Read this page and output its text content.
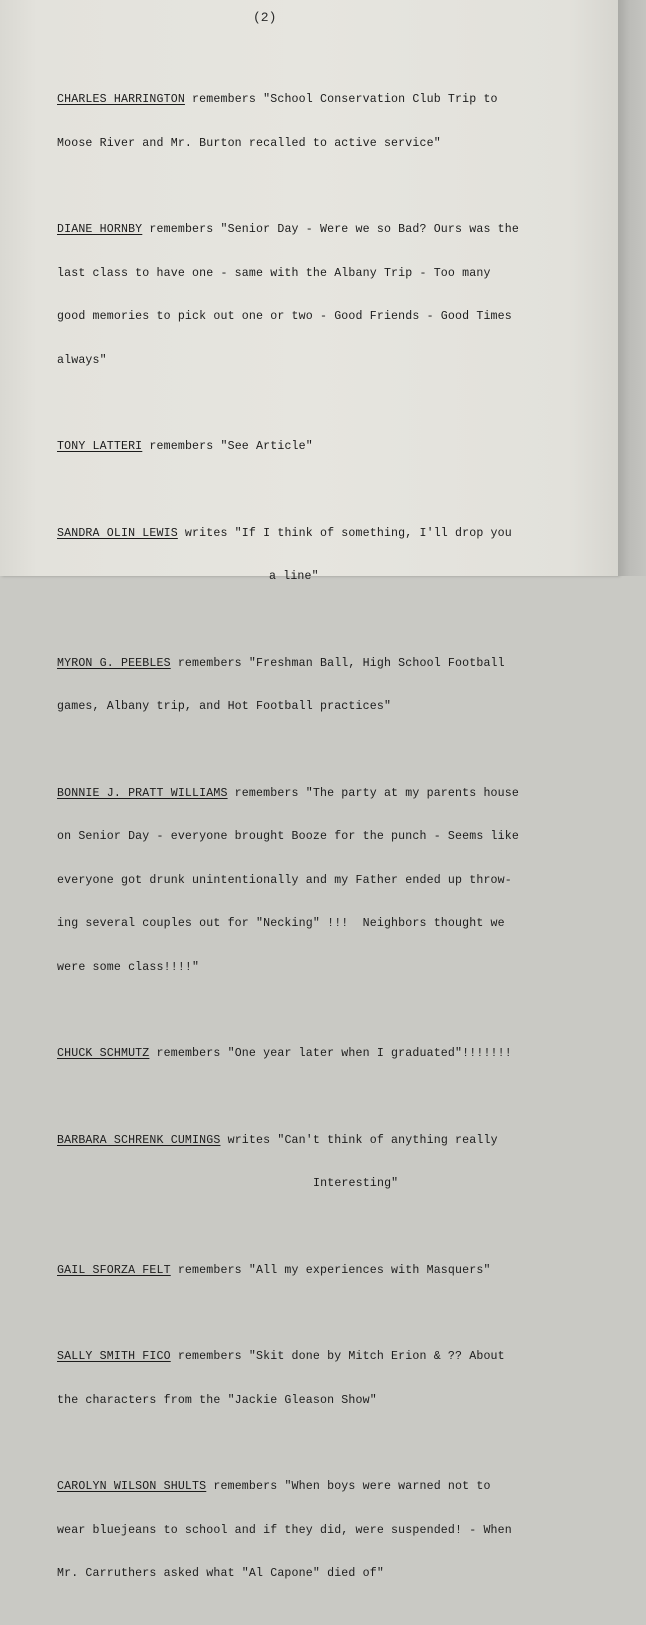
(2)

CHARLES HARRINGTON remembers "School Conservation Club Trip to

Moose River and Mr. Burton recalled to active service"

DIANE HORNBY remembers "Senior Day - Were we so Bad? Ours was the

last class to have one - same with the Albany Trip - Too many

good memories to pick out one or two - Good Friends - Good Times

always"

TONY LATTERI remembers "See Article"

SANDRA OLIN LEWIS writes "If I think of something, I'll drop you

a line"

MYRON G. PEEBLES remembers "Freshman Ball, High School Football

games, Albany trip, and Hot Football practices"

BONNIE J. PRATT WILLIAMS remembers "The party at my parents house

on Senior Day - everyone brought Booze for the punch - Seems like

everyone got drunk unintentionally and my Father ended up throw-

ing several couples out for "Necking" !!!  Neighbors thought we

were some class!!!!"

CHUCK SCHMUTZ remembers "One year later when I graduated"!!!!!!!

BARBARA SCHRENK CUMINGS writes "Can't think of anything really

Interesting"

GAIL SFORZA FELT remembers "All my experiences with Masquers"

SALLY SMITH FICO remembers "Skit done by Mitch Erion & ?? About

the characters from the "Jackie Gleason Show"

CAROLYN WILSON SHULTS remembers "When boys were warned not to

wear bluejeans to school and if they did, were suspended! - When

Mr. Carruthers asked what "Al Capone" died of"
